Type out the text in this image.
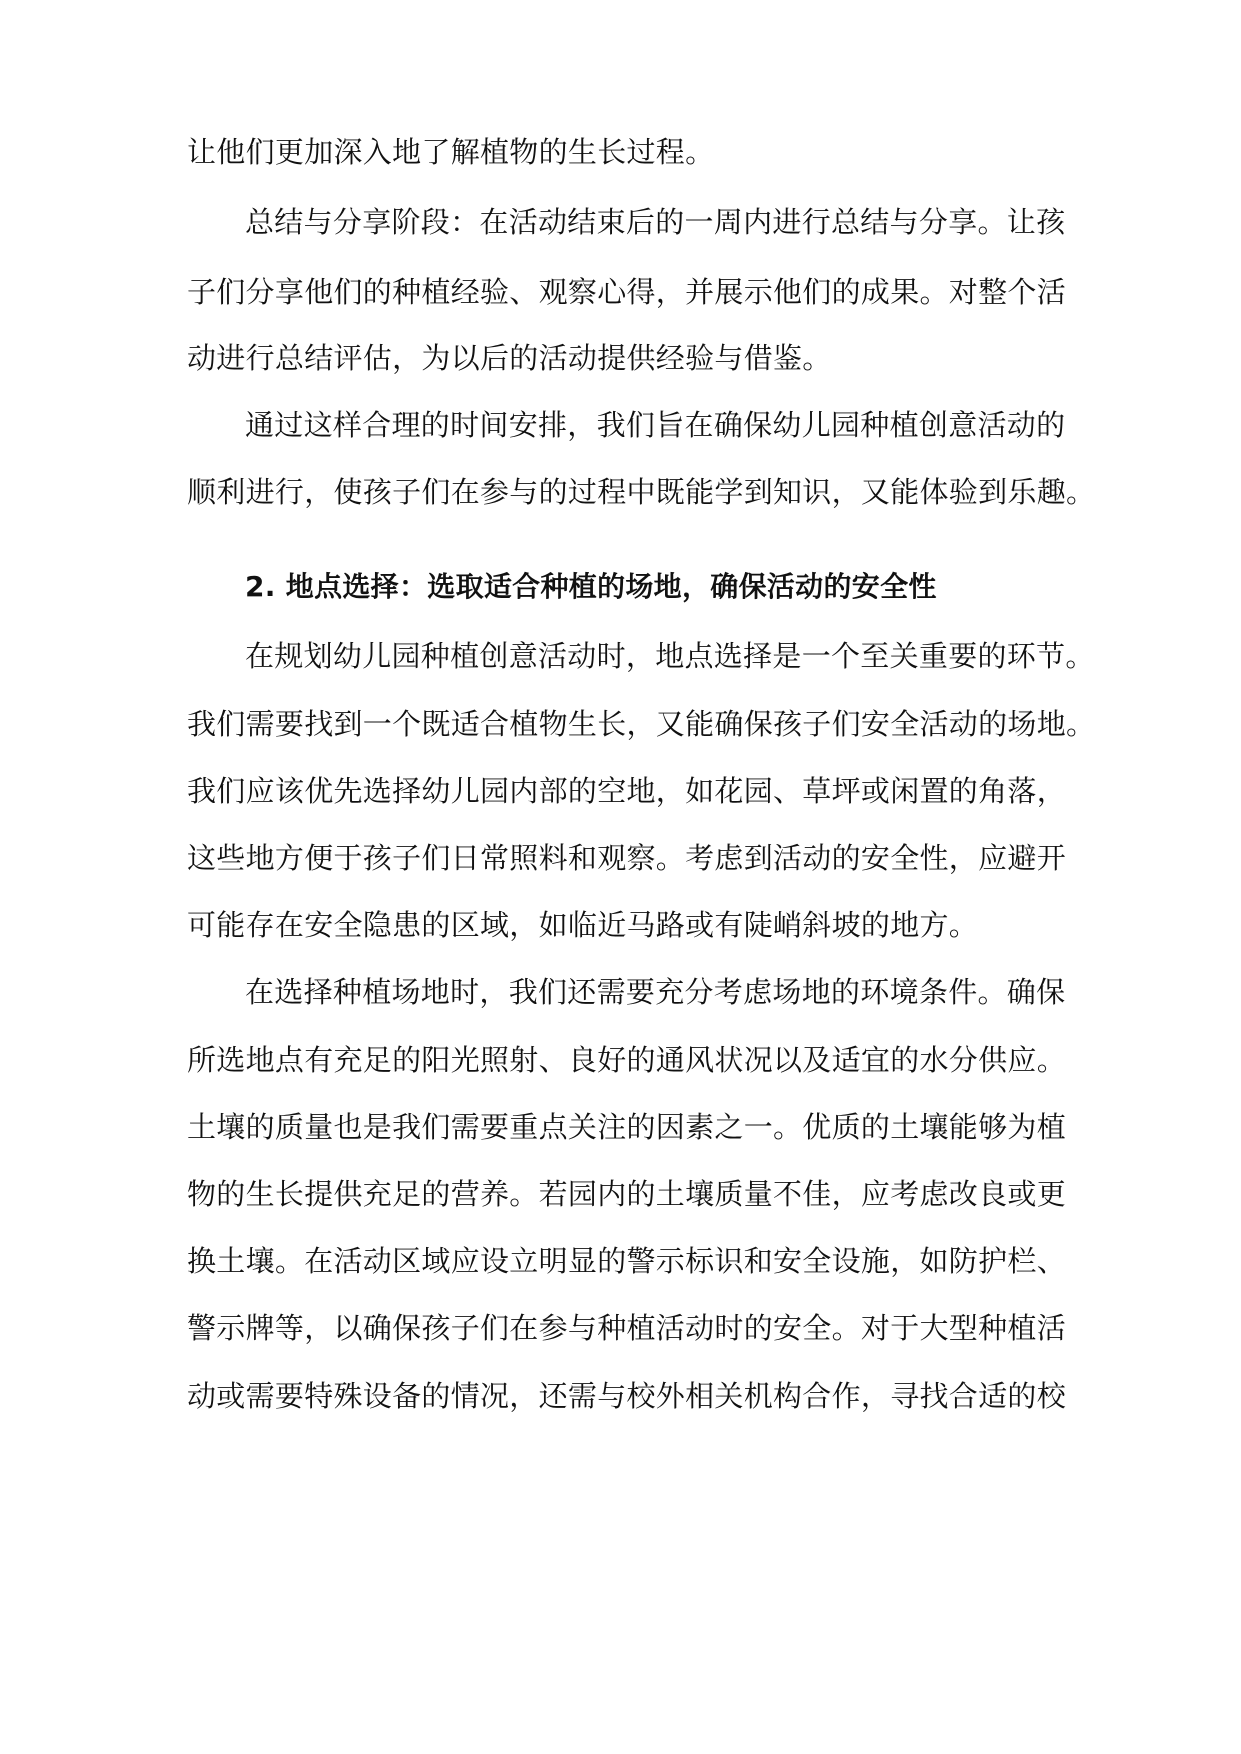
让他们更加深入地了解植物的生长过程。
总结与分享阶段：在活动结束后的一周内进行总结与分享。让孩
子们分享他们的种植经验、观察心得，并展示他们的成果。对整个活
动进行总结评估，为以后的活动提供经验与借鉴。
通过这样合理的时间安排，我们旨在确保幼儿园种植创意活动的
顺利进行，使孩子们在参与的过程中既能学到知识，又能体验到乐趣。
2. 地点选择：选取适合种植的场地，确保活动的安全性
在规划幼儿园种植创意活动时，地点选择是一个至关重要的环节。
我们需要找到一个既适合植物生长，又能确保孩子们安全活动的场地。
我们应该优先选择幼儿园内部的空地，如花园、草坪或闲置的角落，
这些地方便于孩子们日常照料和观察。考虑到活动的安全性，应避开
可能存在安全隐患的区域，如临近马路或有陡峭斜坡的地方。
在选择种植场地时，我们还需要充分考虑场地的环境条件。确保
所选地点有充足的阳光照射、良好的通风状况以及适宜的水分供应。
土壤的质量也是我们需要重点关注的因素之一。优质的土壤能够为植
物的生长提供充足的营养。若园内的土壤质量不佳，应考虑改良或更
换土壤。在活动区域应设立明显的警示标识和安全设施，如防护栏、
警示牌等，以确保孩子们在参与种植活动时的安全。对于大型种植活
动或需要特殊设备的情况，还需与校外相关机构合作，寻找合适的校
